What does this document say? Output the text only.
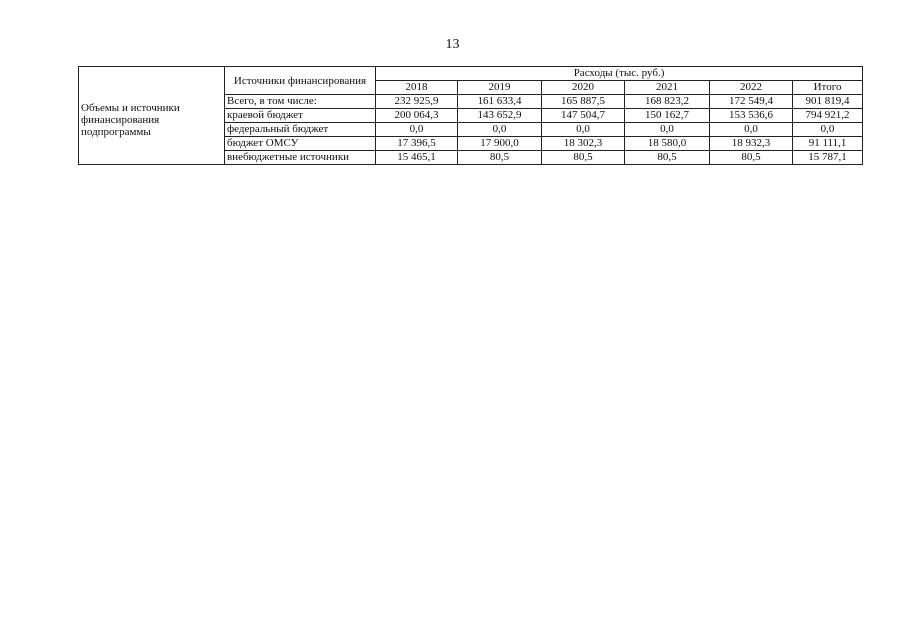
13
Объемы и источники финансирования подпрограммы	Источники финансирования	Расходы (тыс. руб.)					
		2018	2019	2020	2021	2022	Итого
	Всего, в том числе:	232 925,9	161 633,4	165 887,5	168 823,2	172 549,4	901 819,4
	краевой бюджет	200 064,3	143 652,9	147 504,7	150 162,7	153 536,6	794 921,2
	федеральный бюджет	0,0	0,0	0,0	0,0	0,0	0,0
	бюджет ОМСУ	17 396,5	17 900,0	18 302,3	18 580,0	18 932,3	91 111,1
	внебюджетные источники	15 465,1	80,5	80,5	80,5	80,5	15 787,1
